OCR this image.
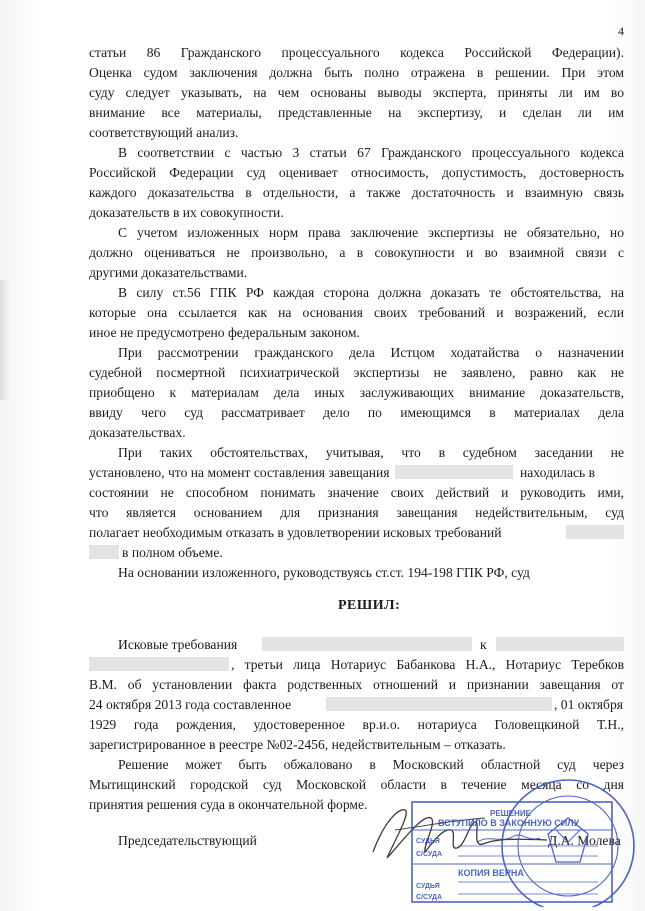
4
статьи 86 Гражданского процессуального кодекса Российской Федерации).
Оценка судом заключения должна быть полно отражена в решении. При этом
суду следует указывать, на чем основаны выводы эксперта, приняты ли им во
внимание все материалы, представленные на экспертизу, и сделан ли им
соответствующий анализ.
В соответствии с частью 3 статьи 67 Гражданского процессуального кодекса
Российской Федерации суд оценивает относимость, допустимость, достоверность
каждого доказательства в отдельности, а также достаточность и взаимную связь
доказательств в их совокупности.
С учетом изложенных норм права заключение экспертизы не обязательно, но
должно оцениваться не произвольно, а в совокупности и во взаимной связи с
другими доказательствами.
В силу ст.56 ГПК РФ каждая сторона должна доказать те обстоятельства, на
которые она ссылается как на основания своих требований и возражений, если
иное не предусмотрено федеральным законом.
При рассмотрении гражданского дела Истцом ходатайства о назначении
судебной посмертной психиатрической экспертизы не заявлено, равно как не
приобщено к материалам дела иных заслуживающих внимание доказательств,
ввиду чего суд рассматривает дело по имеющимся в материалах дела
доказательствах.
При таких обстоятельствах, учитывая, что в судебном заседании не
установлено, что на момент составления завещания	находилась в
состоянии не способном понимать значение своих действий и руководить ими,
что является основанием для признания завещания недействительным, суд
полагает необходимым отказать в удовлетворении исковых требований
в полном объеме.
На основании изложенного, руководствуясь ст.ст. 194-198 ГПК РФ, суд
РЕШИЛ:
Исковые требования	к
, третьи лица Нотариус Бабанкова Н.А., Нотариус Теребков
В.М. об установлении факта родственных отношений и признании завещания от
24 октября 2013 года составленное	, 01 октября
1929 года рождения, удостоверенное вр.и.о. нотариуса Головещкиной Т.Н.,
зарегистрированное в реестре №02-2456, недействительным – отказать.
Решение может быть обжаловано в Московский областной суд через
Мытищинский городской суд Московской области в течение месяца со дня
принятия решения суда в окончательной форме.
Председательствующий	Д.А. Молева
РЕШЕНИЕ
ВСТУПИЛО В ЗАКОННУЮ СИЛУ
СУДЬЯ
С/СУДА
КОПИЯ ВЕРНА
СУДЬЯ
С/СУДА
